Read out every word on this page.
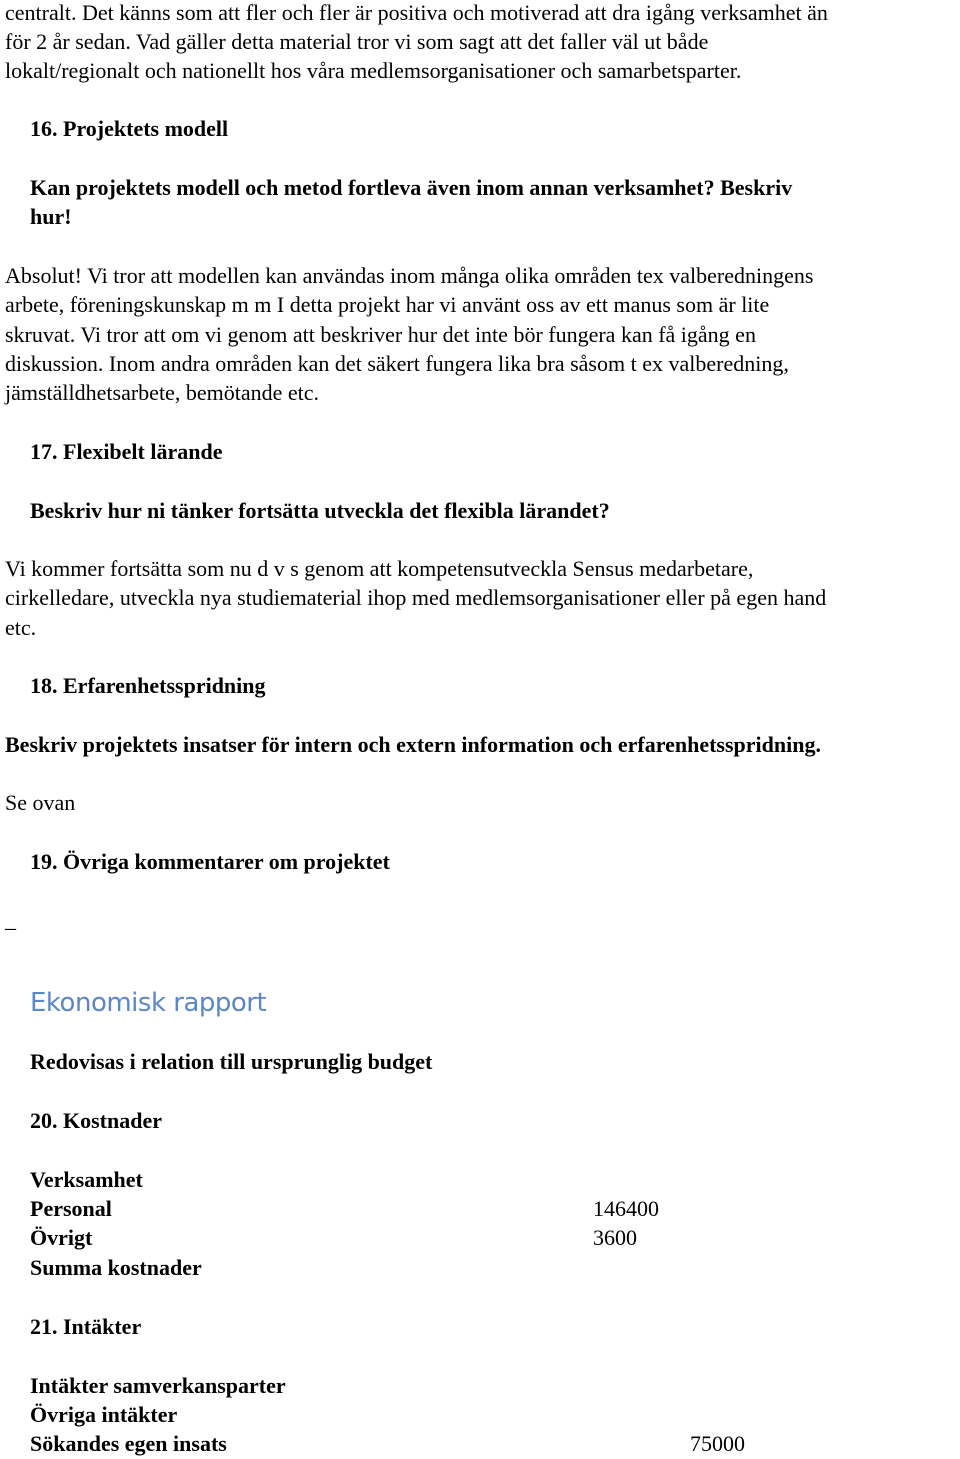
centralt. Det känns som att fler och fler är positiva och motiverad att dra igång verksamhet än
för 2 år sedan. Vad gäller detta material tror vi som sagt att det faller väl ut både
lokalt/regionalt och nationellt hos våra medlemsorganisationer och samarbetsparter.
16. Projektets modell
Kan projektets modell och metod fortleva även inom annan verksamhet? Beskriv
hur!
Absolut! Vi tror att modellen kan användas inom många olika områden tex valberedningens
arbete, föreningskunskap m m I detta projekt har vi använt oss av ett manus som är lite
skruvat. Vi tror att om vi genom att beskriver hur det inte bör fungera kan få igång en
diskussion. Inom andra områden kan det säkert fungera lika bra såsom t ex valberedning,
jämställdhetsarbete, bemötande etc.
17. Flexibelt lärande
Beskriv hur ni tänker fortsätta utveckla det flexibla lärandet?
Vi kommer fortsätta som nu d v s genom att kompetensutveckla Sensus medarbetare,
cirkelledare, utveckla nya studiematerial ihop med medlemsorganisationer eller på egen hand
etc.
18. Erfarenhetsspridning
Beskriv projektets insatser för intern och extern information och erfarenhetsspridning.
Se ovan
19. Övriga kommentarer om projektet
_
Ekonomisk rapport
Redovisas i relation till ursprunglig budget
20. Kostnader
Verksamhet
Personal	146400
Övrigt	3600
Summa kostnader
21. Intäkter
Intäkter samverkansparter
Övriga intäkter
Sökandes egen insats	75000
